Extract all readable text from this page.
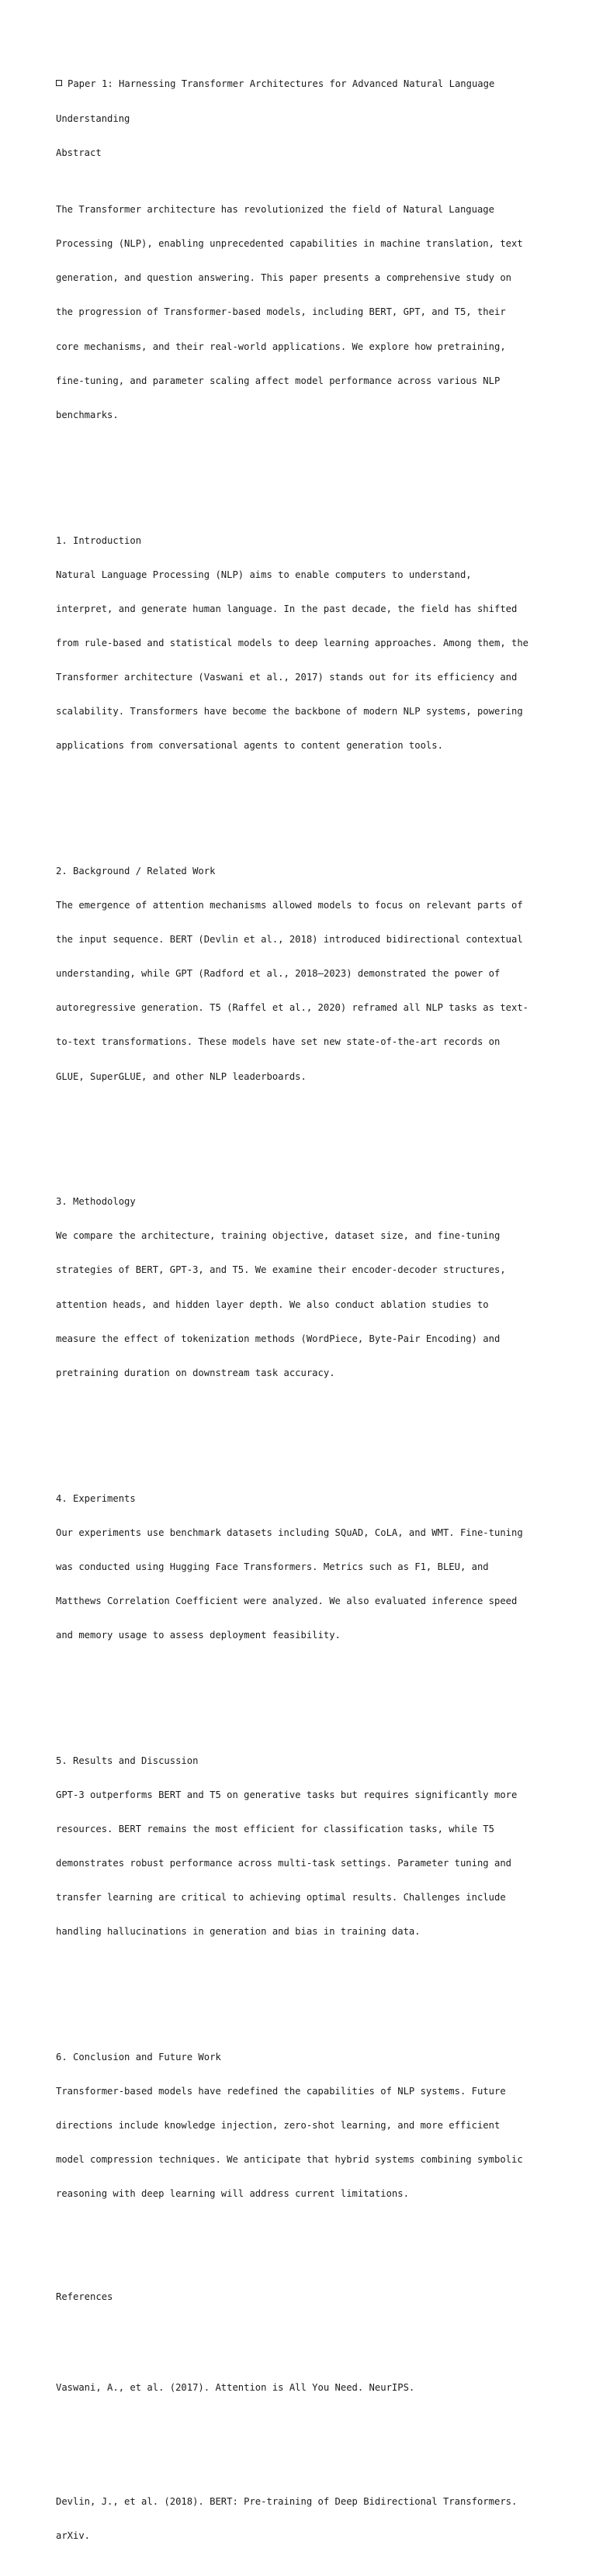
Paper 1: Harnessing Transformer Architectures for Advanced Natural Language

Understanding

Abstract

The Transformer architecture has revolutionized the field of Natural Language

Processing (NLP), enabling unprecedented capabilities in machine translation, text

generation, and question answering. This paper presents a comprehensive study on

the progression of Transformer-based models, including BERT, GPT, and T5, their

core mechanisms, and their real-world applications. We explore how pretraining,

fine-tuning, and parameter scaling affect model performance across various NLP

benchmarks.

1. Introduction

Natural Language Processing (NLP) aims to enable computers to understand,

interpret, and generate human language. In the past decade, the field has shifted

from rule-based and statistical models to deep learning approaches. Among them, the

Transformer architecture (Vaswani et al., 2017) stands out for its efficiency and

scalability. Transformers have become the backbone of modern NLP systems, powering

applications from conversational agents to content generation tools.

2. Background / Related Work

The emergence of attention mechanisms allowed models to focus on relevant parts of

the input sequence. BERT (Devlin et al., 2018) introduced bidirectional contextual

understanding, while GPT (Radford et al., 2018–2023) demonstrated the power of

autoregressive generation. T5 (Raffel et al., 2020) reframed all NLP tasks as text-

to-text transformations. These models have set new state-of-the-art records on

GLUE, SuperGLUE, and other NLP leaderboards.

3. Methodology

We compare the architecture, training objective, dataset size, and fine-tuning

strategies of BERT, GPT-3, and T5. We examine their encoder-decoder structures,

attention heads, and hidden layer depth. We also conduct ablation studies to

measure the effect of tokenization methods (WordPiece, Byte-Pair Encoding) and

pretraining duration on downstream task accuracy.

4. Experiments

Our experiments use benchmark datasets including SQuAD, CoLA, and WMT. Fine-tuning

was conducted using Hugging Face Transformers. Metrics such as F1, BLEU, and

Matthews Correlation Coefficient were analyzed. We also evaluated inference speed

and memory usage to assess deployment feasibility.

5. Results and Discussion

GPT-3 outperforms BERT and T5 on generative tasks but requires significantly more

resources. BERT remains the most efficient for classification tasks, while T5

demonstrates robust performance across multi-task settings. Parameter tuning and

transfer learning are critical to achieving optimal results. Challenges include

handling hallucinations in generation and bias in training data.

6. Conclusion and Future Work

Transformer-based models have redefined the capabilities of NLP systems. Future

directions include knowledge injection, zero-shot learning, and more efficient

model compression techniques. We anticipate that hybrid systems combining symbolic

reasoning with deep learning will address current limitations.

References

Vaswani, A., et al. (2017). Attention is All You Need. NeurIPS.

Devlin, J., et al. (2018). BERT: Pre-training of Deep Bidirectional Transformers.

arXiv.
